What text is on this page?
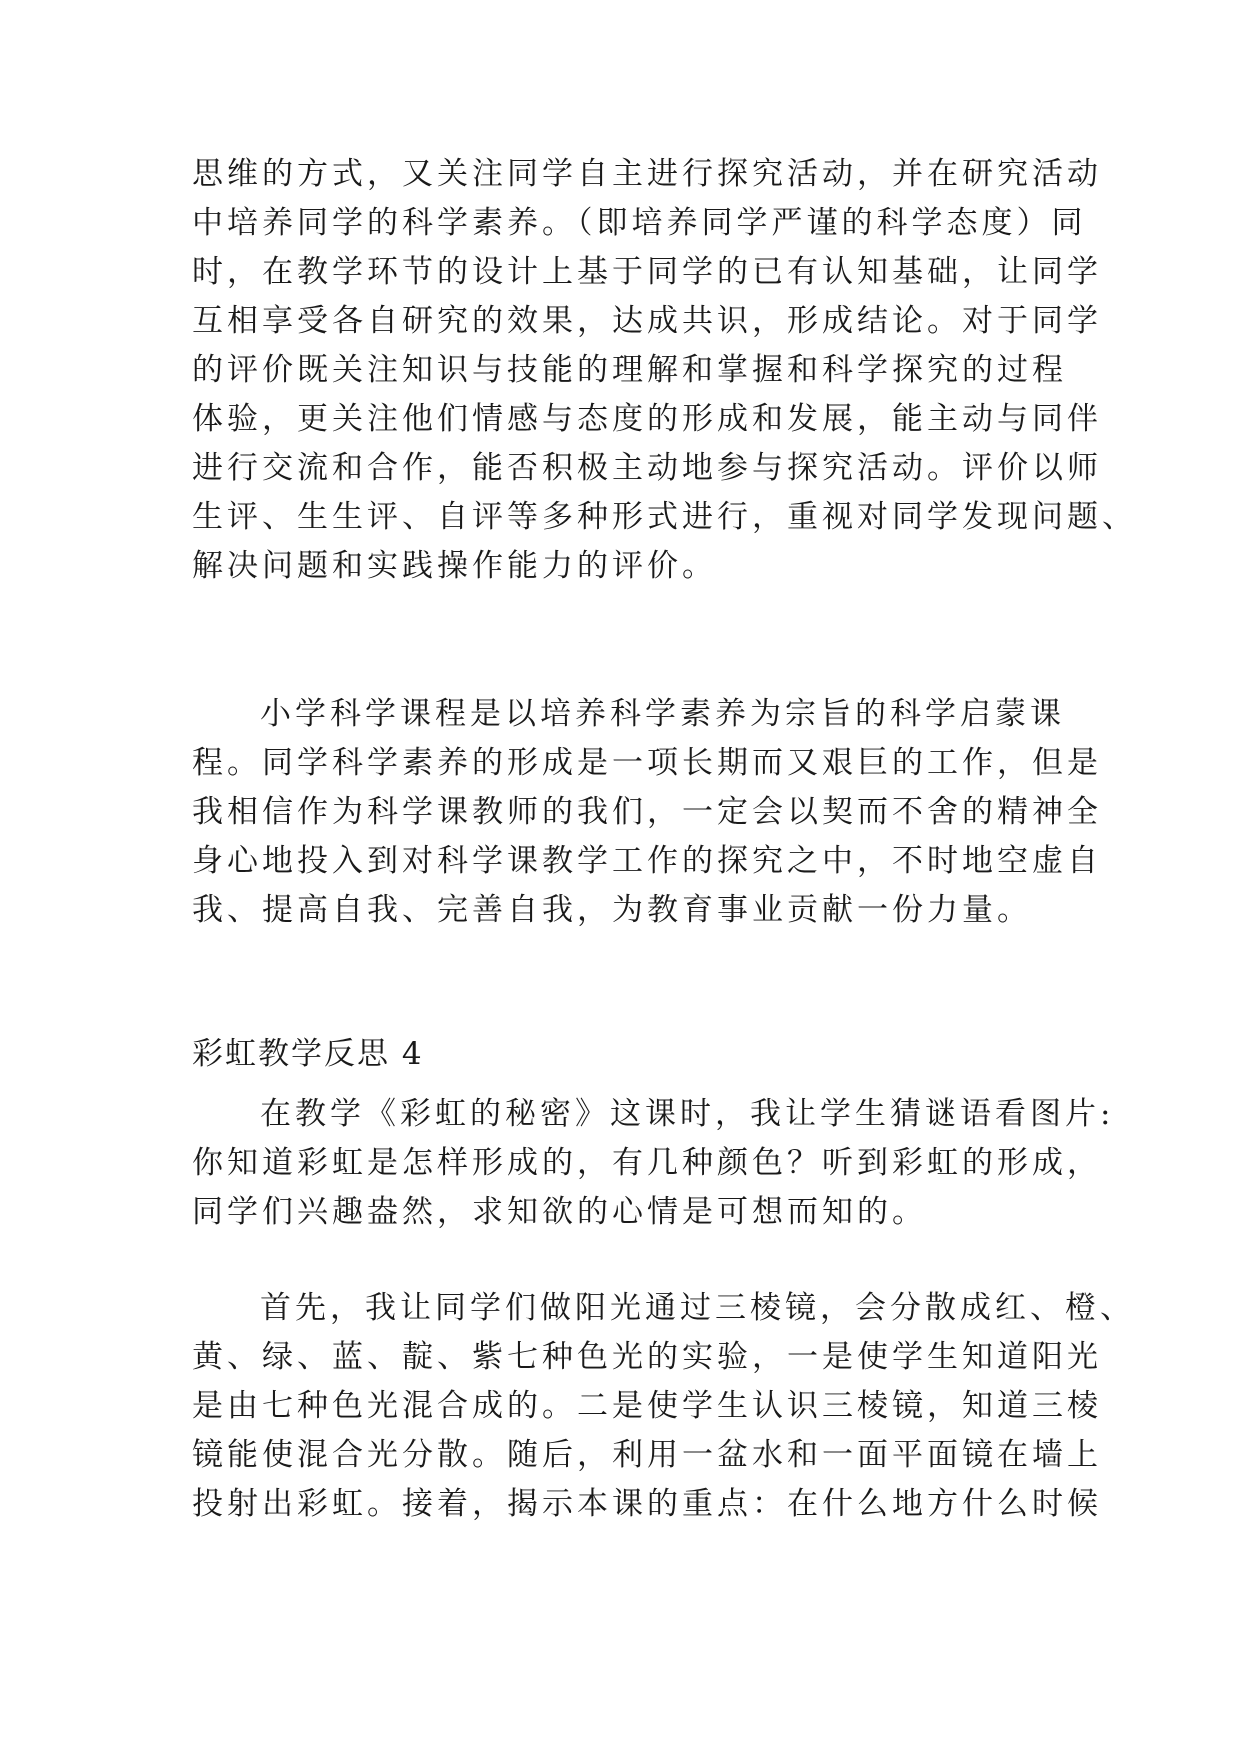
思维的方式，又关注同学自主进行探究活动，并在研究活动
中培养同学的科学素养。（即培养同学严谨的科学态度）同
时，在教学环节的设计上基于同学的已有认知基础，让同学
互相享受各自研究的效果，达成共识，形成结论。对于同学
的评价既关注知识与技能的理解和掌握和科学探究的过程
体验，更关注他们情感与态度的形成和发展，能主动与同伴
进行交流和合作，能否积极主动地参与探究活动。评价以师
生评、生生评、自评等多种形式进行，重视对同学发现问题、
解决问题和实践操作能力的评价。
小学科学课程是以培养科学素养为宗旨的科学启蒙课
程。同学科学素养的形成是一项长期而又艰巨的工作，但是
我相信作为科学课教师的我们，一定会以契而不舍的精神全
身心地投入到对科学课教学工作的探究之中，不时地空虚自
我、提高自我、完善自我，为教育事业贡献一份力量。
彩虹教学反思 4
在教学《彩虹的秘密》这课时，我让学生猜谜语看图片:
你知道彩虹是怎样形成的，有几种颜色？听到彩虹的形成，
同学们兴趣盎然，求知欲的心情是可想而知的。
首先，我让同学们做阳光通过三棱镜，会分散成红、橙、
黄、绿、蓝、靛、紫七种色光的实验，一是使学生知道阳光
是由七种色光混合成的。二是使学生认识三棱镜，知道三棱
镜能使混合光分散。随后，利用一盆水和一面平面镜在墙上
投射出彩虹。接着，揭示本课的重点：在什么地方什么时候
